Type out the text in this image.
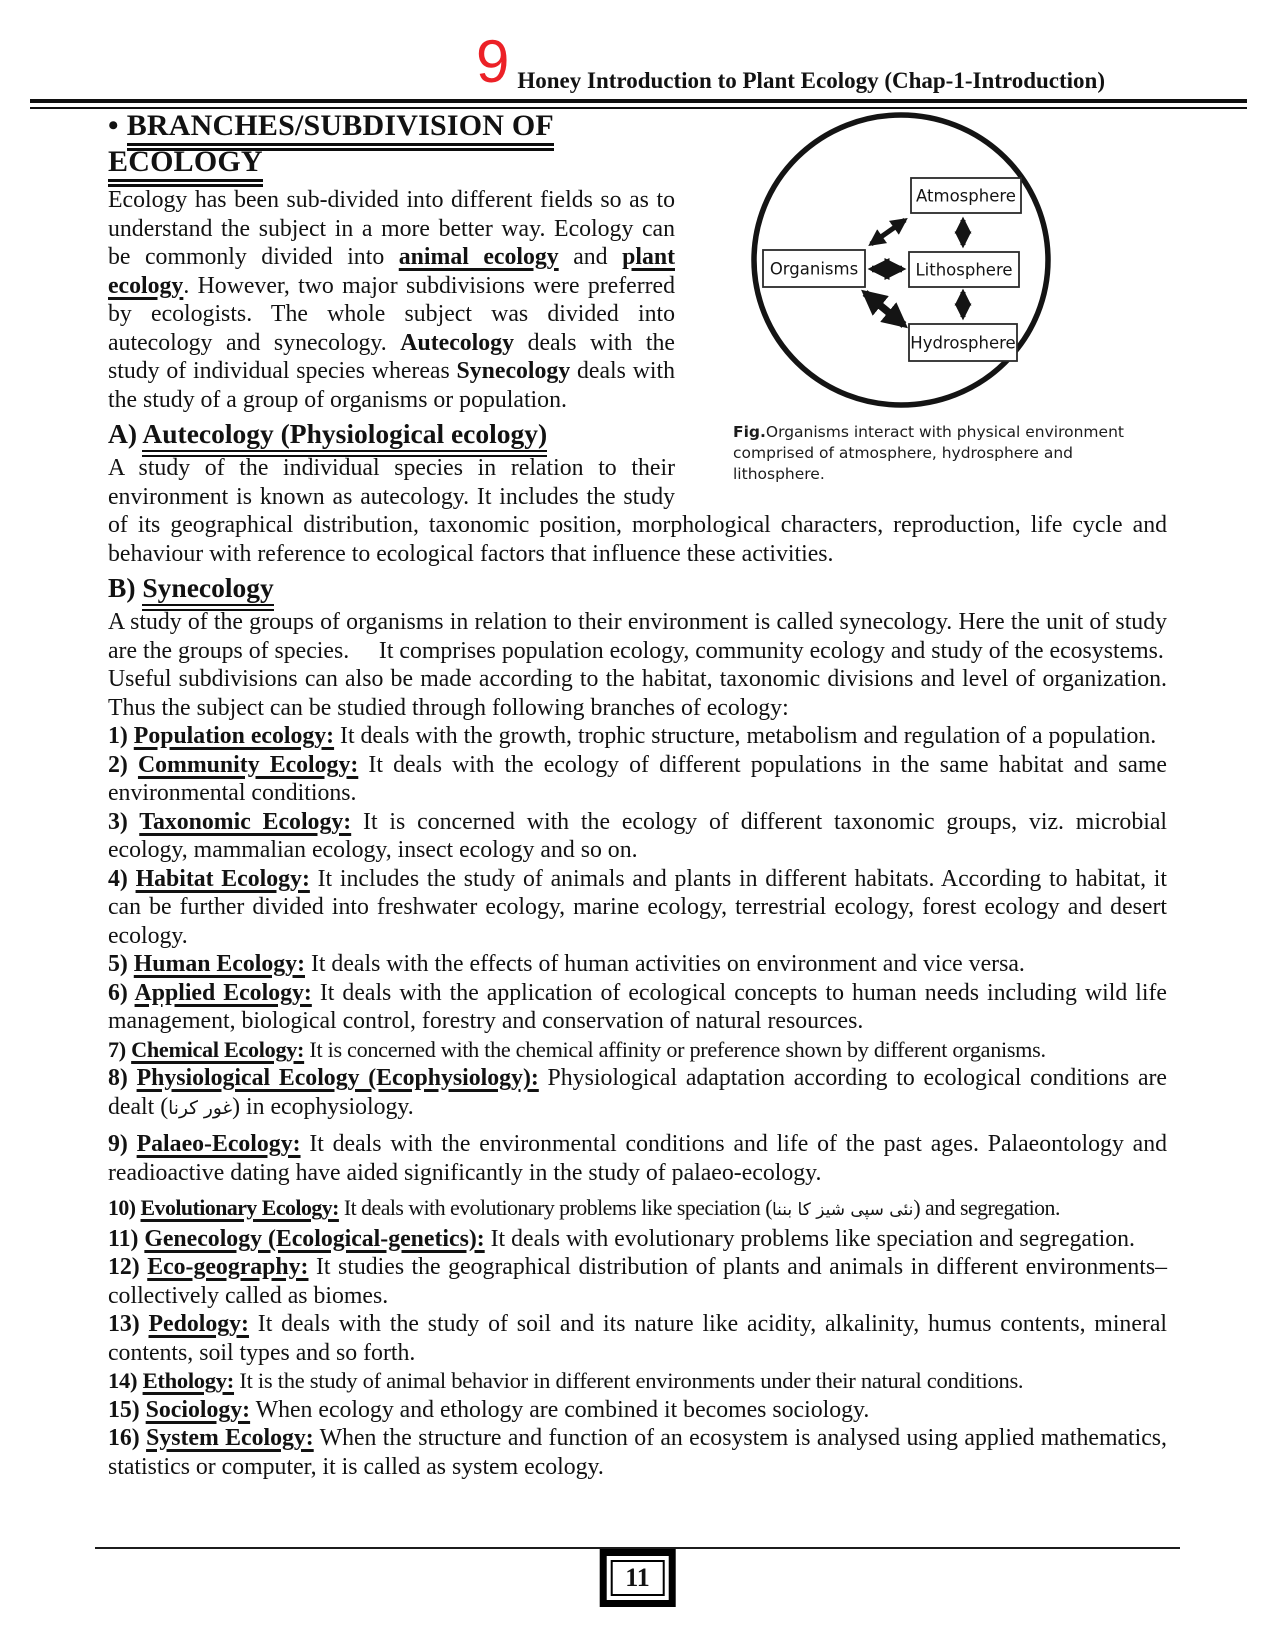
9 Honey Introduction to Plant Ecology (Chap-1-Introduction)
Atmosphere
Organisms	Lithosphere
Hydrosphere
Fig.Organisms interact with physical environment comprised of atmosphere, hydrosphere and lithosphere.
• BRANCHES/SUBDIVISION OF ECOLOGY

Ecology has been sub-divided into different fields so as to understand the subject in a more better way. Ecology can be commonly divided into animal ecology and plant ecology. However, two major subdivisions were preferred by ecologists. The whole subject was divided into autecology and synecology. Autecology deals with the study of individual species whereas Synecology deals with the study of a group of organisms or population.

A) Autecology (Physiological ecology)

A study of the individual species in relation to their environment is known as autecology. It includes the study of its geographical distribution, taxonomic position, morphological characters, reproduction, life cycle and behaviour with reference to ecological factors that influence these activities.

B) Synecology

A study of the groups of organisms in relation to their environment is called synecology. Here the unit of study are the groups of species.     It comprises population ecology, community ecology and study of the ecosystems.

Useful subdivisions can also be made according to the habitat, taxonomic divisions and level of organization. Thus the subject can be studied through following branches of ecology:

1) Population ecology: It deals with the growth, trophic structure, metabolism and regulation of a population.

2) Community Ecology: It deals with the ecology of different populations in the same habitat and same environmental conditions.

3) Taxonomic Ecology: It is concerned with the ecology of different taxonomic groups, viz. microbial ecology, mammalian ecology, insect ecology and so on.

4) Habitat Ecology: It includes the study of animals and plants in different habitats. According to habitat, it can be further divided into freshwater ecology, marine ecology, terrestrial ecology, forest ecology and desert ecology.

5) Human Ecology: It deals with the effects of human activities on environment and vice versa.

6) Applied Ecology: It deals with the application of ecological concepts to human needs including wild life management, biological control, forestry and conservation of natural resources.

7) Chemical Ecology: It is concerned with the chemical affinity or preference shown by different organisms.

8) Physiological Ecology (Ecophysiology): Physiological adaptation according to ecological conditions are dealt (غور کرنا) in ecophysiology.

9) Palaeo-Ecology: It deals with the environmental conditions and life of the past ages. Palaeontology and readioactive dating have aided significantly in the study of palaeo-ecology.

10) Evolutionary Ecology: It deals with evolutionary problems like speciation (نئی سپی شیز کا بننا) and segregation.

11) Genecology (Ecological-genetics): It deals with evolutionary problems like speciation and segregation.

12) Eco-geography: It studies the geographical distribution of plants and animals in different environments–collectively called as biomes.

13) Pedology: It deals with the study of soil and its nature like acidity, alkalinity, humus contents, mineral contents, soil types and so forth.

14) Ethology: It is the study of animal behavior in different environments under their natural conditions.

15) Sociology: When ecology and ethology are combined it becomes sociology.

16) System Ecology: When the structure and function of an ecosystem is analysed using applied mathematics, statistics or computer, it is called as system ecology.

11
